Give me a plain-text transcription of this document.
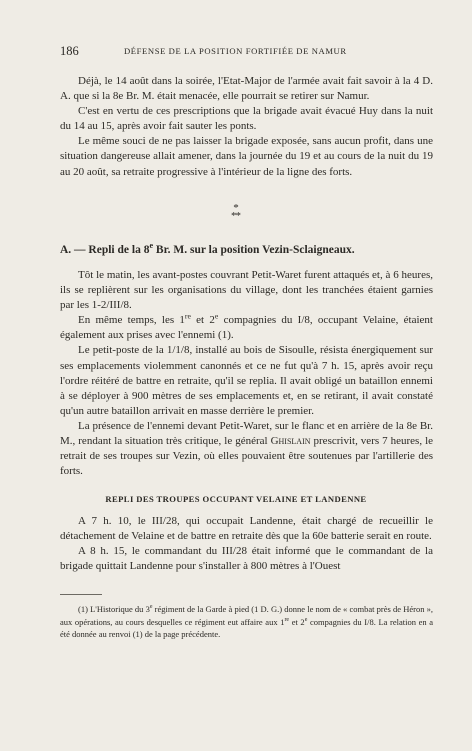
186	DÉFENSE DE LA POSITION FORTIFIÉE DE NAMUR

Déjà, le 14 août dans la soirée, l'Etat-Major de l'armée avait fait savoir à la 4 D. A. que si la 8e Br. M. était menacée, elle pourrait se retirer sur Namur.

C'est en vertu de ces prescriptions que la brigade avait évacué Huy dans la nuit du 14 au 15, après avoir fait sauter les ponts.

Le même souci de ne pas laisser la brigade exposée, sans aucun profit, dans une situation dangereuse allait amener, dans la journée du 19 et au cours de la nuit du 19 au 20 août, sa retraite progressive à l'intérieur de la ligne des forts.

* * *
A. — Repli de la 8e Br. M. sur la position Vezin-Sclaigneaux.

Tôt le matin, les avant-postes couvrant Petit-Waret furent attaqués et, à 6 heures, ils se replièrent sur les organisations du village, dont les tranchées étaient garnies par les 1-2/III/8.

En même temps, les 1re et 2e compagnies du I/8, occupant Velaine, étaient également aux prises avec l'ennemi (1).

Le petit-poste de la 1/1/8, installé au bois de Sisoulle, résista énergiquement sur ses emplacements violemment canonnés et ce ne fut qu'à 7 h. 15, après avoir reçu l'ordre réitéré de battre en retraite, qu'il se replia. Il avait obligé un bataillon ennemi à se déployer à 900 mètres de ses emplacements et, en se retirant, il avait constaté qu'un autre bataillon arrivait en masse derrière le premier.

La présence de l'ennemi devant Petit-Waret, sur le flanc et en arrière de la 8e Br. M., rendant la situation très critique, le général Ghislain prescrivit, vers 7 heures, le retrait de ses troupes sur Vezin, où elles pouvaient être soutenues par l'artillerie des forts.

REPLI DES TROUPES OCCUPANT VELAINE ET LANDENNE

A 7 h. 10, le III/28, qui occupait Landenne, était chargé de recueillir le détachement de Velaine et de battre en retraite dès que la 60e batterie serait en route.

A 8 h. 15, le commandant du III/28 était informé que le commandant de la brigade quittait Landenne pour s'installer à 800 mètres à l'Ouest

(1) L'Historique du 3e régiment de la Garde à pied (1 D. G.) donne le nom de « combat près de Héron », aux opérations, au cours desquelles ce régiment eut affaire aux 1re et 2e compagnies du I/8. La relation en a été donnée au renvoi (1) de la page précédente.
